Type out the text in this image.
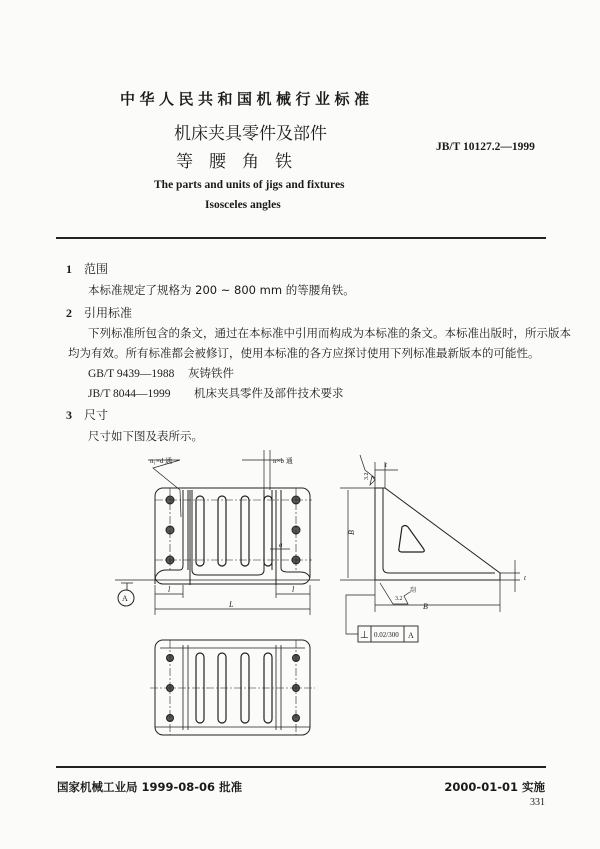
中华人民共和国机械行业标准
机床夹具零件及部件
等腰角铁
JB/T 10127.2—1999
The parts and units of jigs and fixtures
Isosceles angles
1 范围
本标准规定了规格为 200 ~ 800 mm 的等腰角铁。
2 引用标准
下列标准所包含的条文，通过在本标准中引用而构成为本标准的条文。本标准出版时，所示版本
均为有效。所有标准都会被修订，使用本标准的各方应探讨使用下列标准最新版本的可能性。
GB/T 9439—1988 灰铸铁件
JB/T 8044—1999 机床夹具零件及部件技术要求
3 尺寸
尺寸如下图及表所示。
n₁×d 通	n×b 通
a
l	l
L
A
B
B
t
t
3.2
刮
3.2
⊥ 0.02/300 A
国家机械工业局 1999-08-06 批准	2000-01-01 实施
331
